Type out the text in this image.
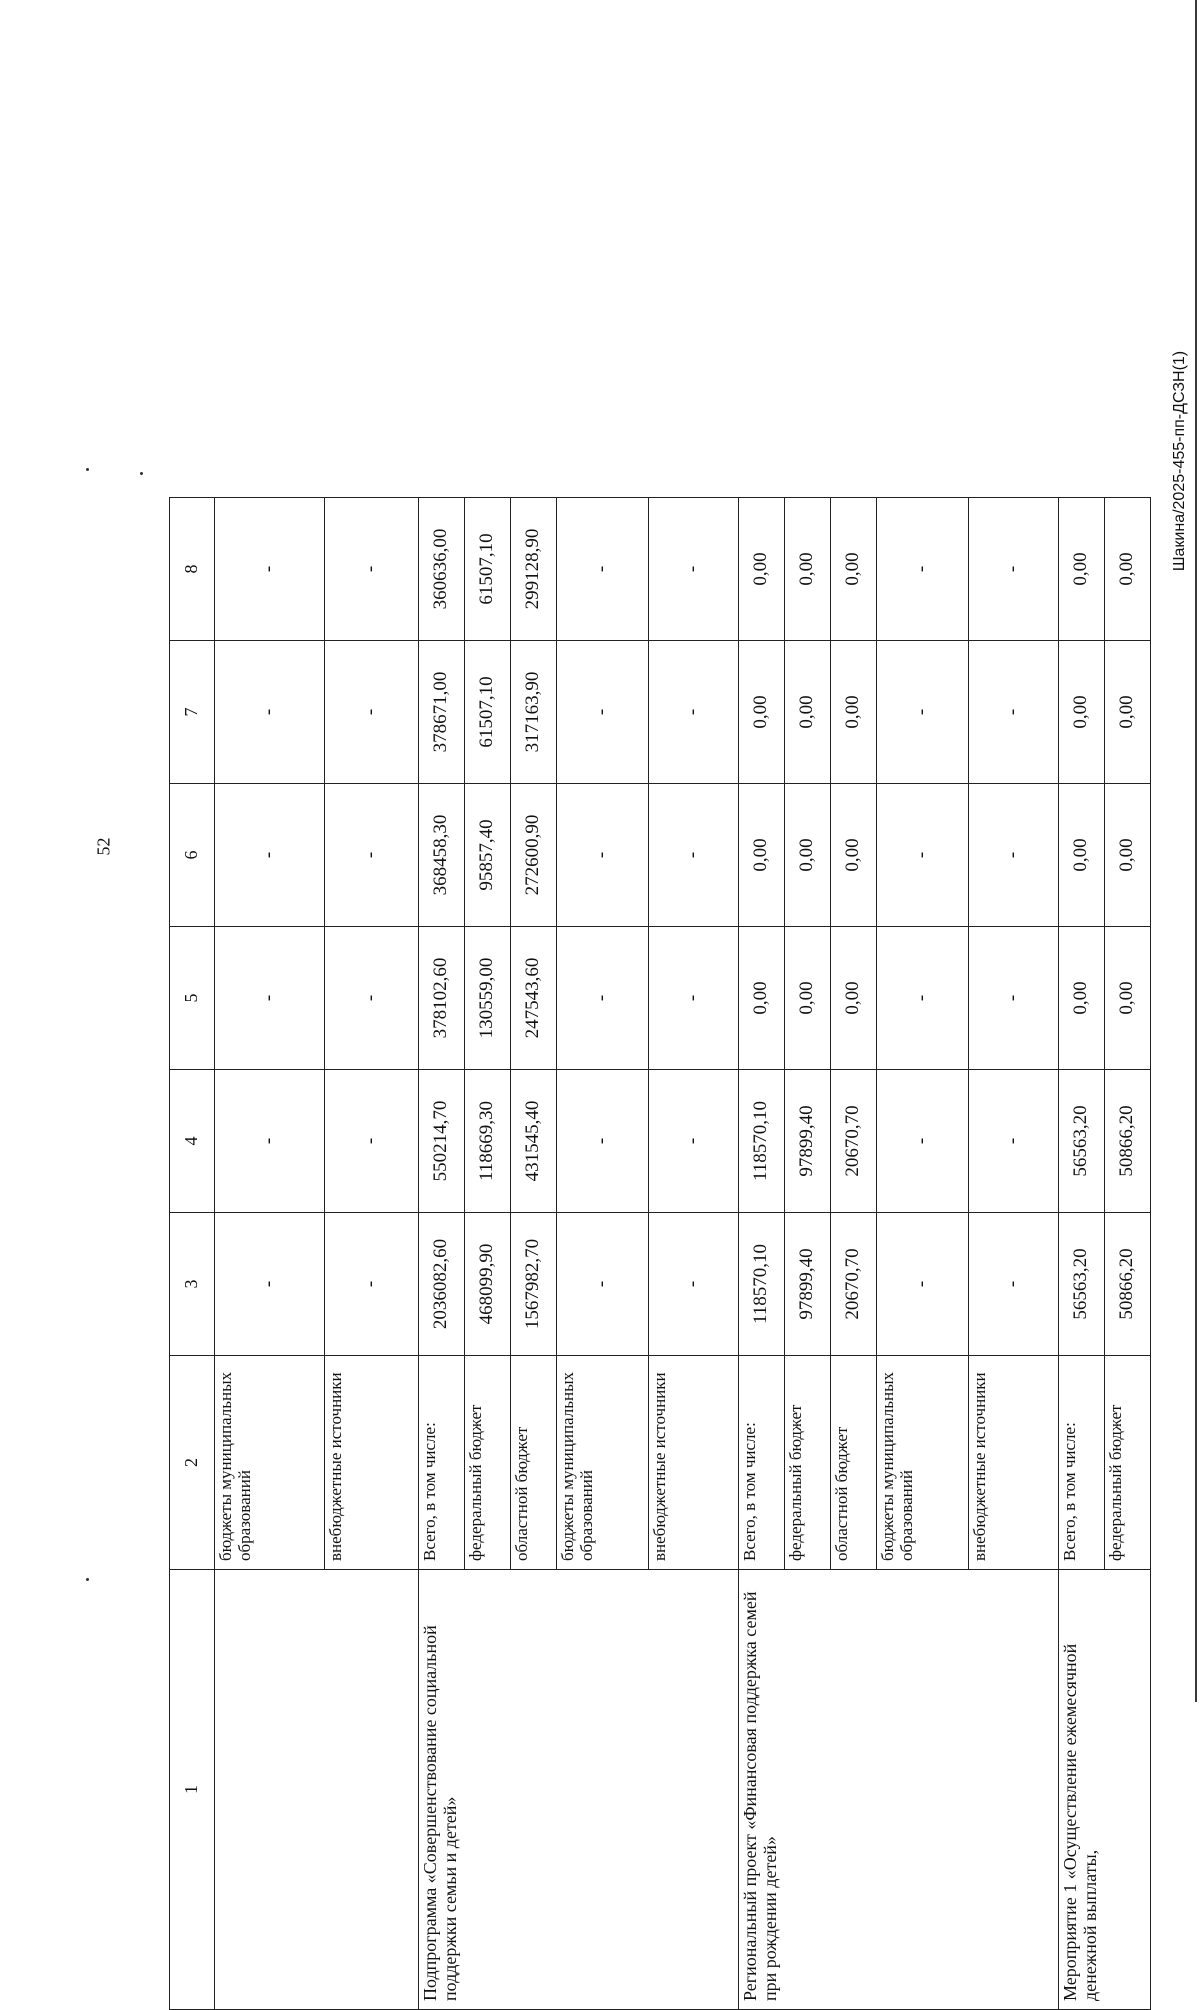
52
1	2	3	4	5	6	7	8
	бюджеты муниципальных образований	-	-	-	-	-	-
	внебюджетные источники	-	-	-	-	-	-
Подпрограмма «Совершенствование социальной поддержки семьи и детей»	Всего, в том числе:	2036082,60	550214,70	378102,60	368458,30	378671,00	360636,00
	федеральный бюджет	468099,90	118669,30	130559,00	95857,40	61507,10	61507,10
	областной бюджет	1567982,70	431545,40	247543,60	272600,90	317163,90	299128,90
	бюджеты муниципальных образований	-	-	-	-	-	-
	внебюджетные источники	-	-	-	-	-	-
Региональный проект «Финансовая поддержка семей при рождении детей»	Всего, в том числе:	118570,10	118570,10	0,00	0,00	0,00	0,00
	федеральный бюджет	97899,40	97899,40	0,00	0,00	0,00	0,00
	областной бюджет	20670,70	20670,70	0,00	0,00	0,00	0,00
	бюджеты муниципальных образований	-	-	-	-	-	-
	внебюджетные источники	-	-	-	-	-	-
Мероприятие 1 «Осуществление ежемесячной денежной выплаты,	Всего, в том числе:	56563,20	56563,20	0,00	0,00	0,00	0,00
	федеральный бюджет	50866,20	50866,20	0,00	0,00	0,00	0,00 Шакина/2025-455-пп-ДСЗН(1)
